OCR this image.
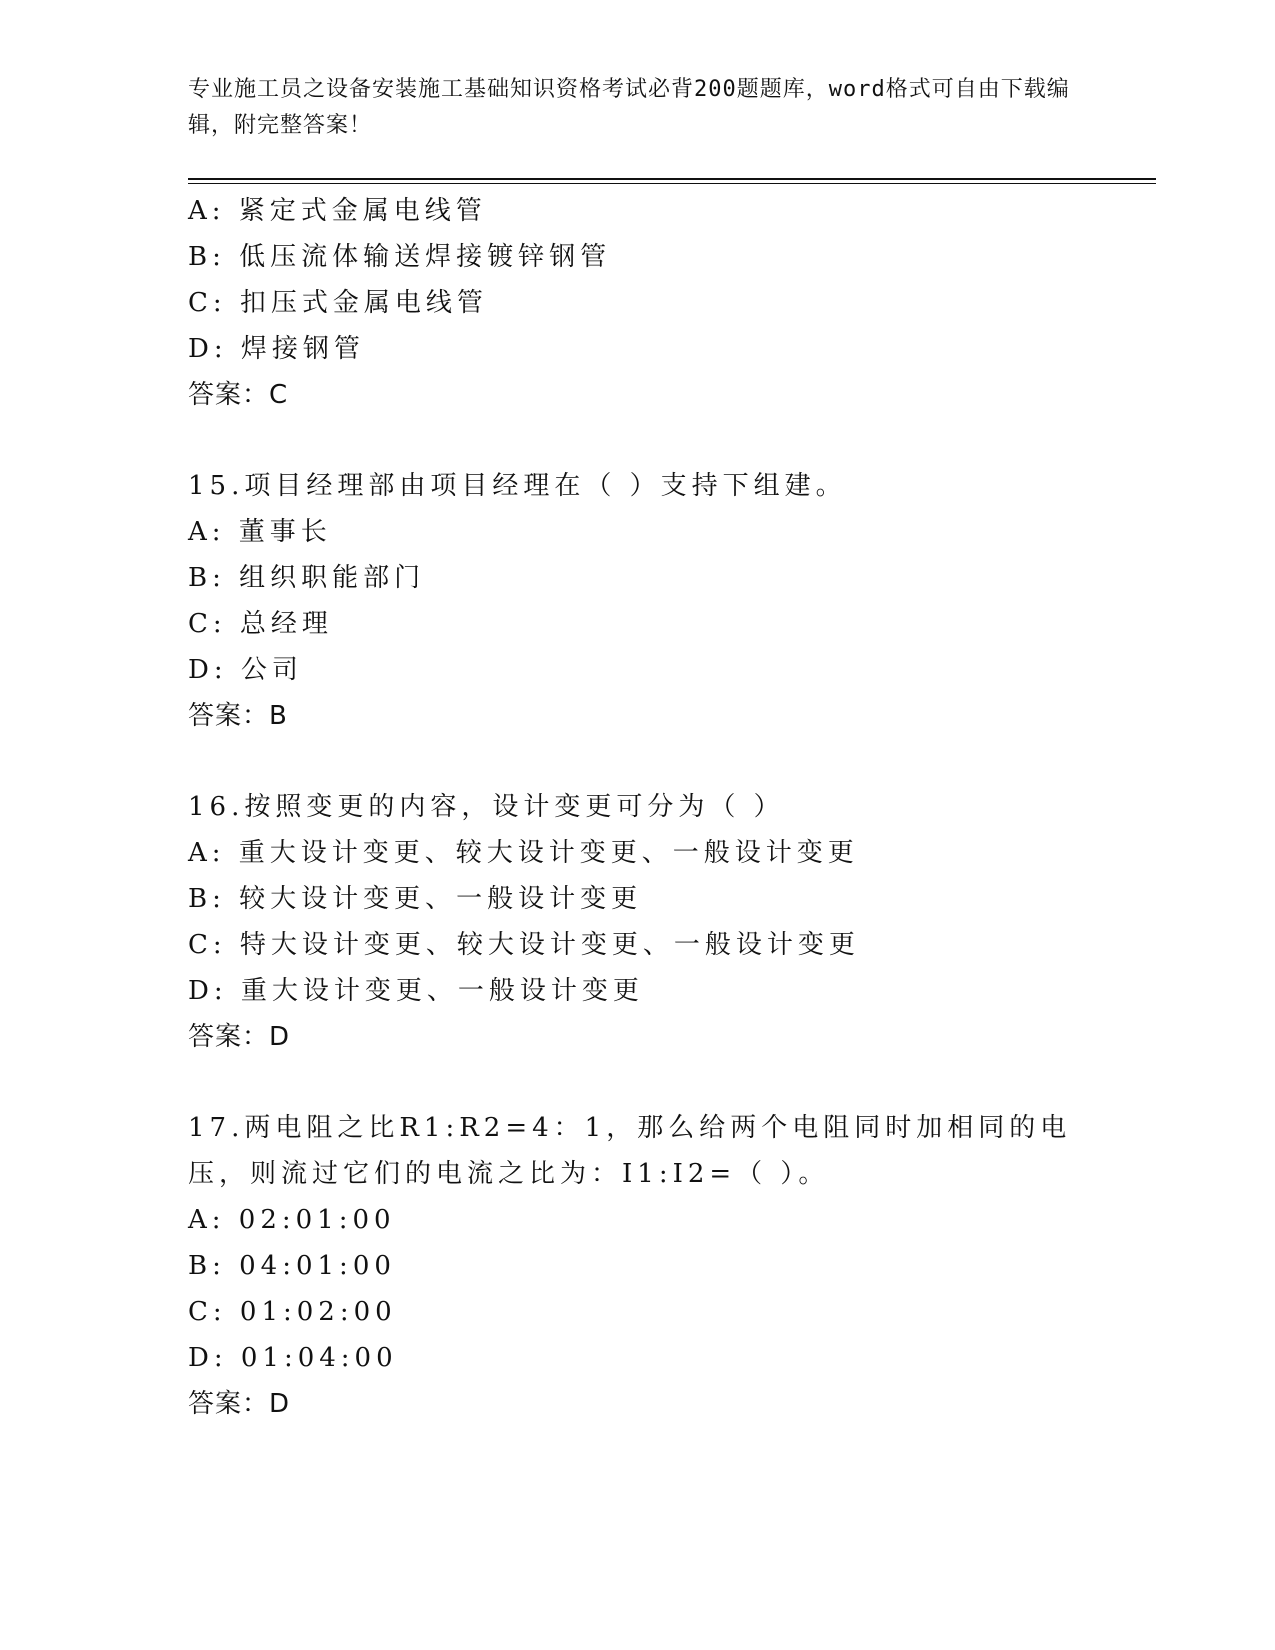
专业施工员之设备安装施工基础知识资格考试必背200题题库，word格式可自由下载编辑，附完整答案！
A: 紧定式金属电线管
B: 低压流体输送焊接镀锌钢管
C: 扣压式金属电线管
D: 焊接钢管
答案：C
15.项目经理部由项目经理在（ ）支持下组建。
A: 董事长
B: 组织职能部门
C: 总经理
D: 公司
答案：B
16.按照变更的内容，设计变更可分为（ ）
A: 重大设计变更、较大设计变更、一般设计变更
B: 较大设计变更、一般设计变更
C: 特大设计变更、较大设计变更、一般设计变更
D: 重大设计变更、一般设计变更
答案：D
17.两电阻之比R1:R2=4：1，那么给两个电阻同时加相同的电压，则流过它们的电流之比为：I1:I2=（ ）。
A: 02:01:00
B: 04:01:00
C: 01:02:00
D: 01:04:00
答案：D
